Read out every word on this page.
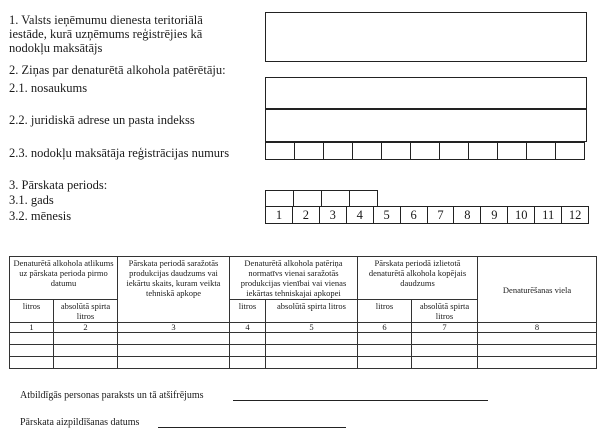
1. Valsts ieņēmumu dienesta teritoriālā
iestāde, kurā uzņēmums reģistrējies kā
nodokļu maksātājs
2. Ziņas par denaturētā alkohola patērētāju:
2.1. nosaukums
2.2. juridiskā adrese un pasta indekss
2.3. nodokļu maksātāja reģistrācijas numurs
3. Pārskata periods:
3.1. gads
3.2. mēnesis	1	2	3	4	5	6	7	8	9	10	11	12
Denaturētā alkohola atlikums uz pārskata perioda pirmo datumu		Pārskata periodā saražotās produkcijas daudzums vai iekārtu skaits, kuram veikta tehniskā apkope	Denaturētā alkohola patēriņa normatīvs vienai saražotās produkcijas vienībai vai vienas iekārtas tehniskajai apkopei		Pārskata periodā izlietotā denaturētā alkohola kopējais daudzums		Denaturēšanas viela
litros	absolūtā spirta litros		litros	absolūtā spirta litros	litros	absolūtā spirta litros	
1	2	3	4	5	6	7	8

Atbildīgās personas paraksts un tā atšifrējums
Pārskata aizpildīšanas datums
